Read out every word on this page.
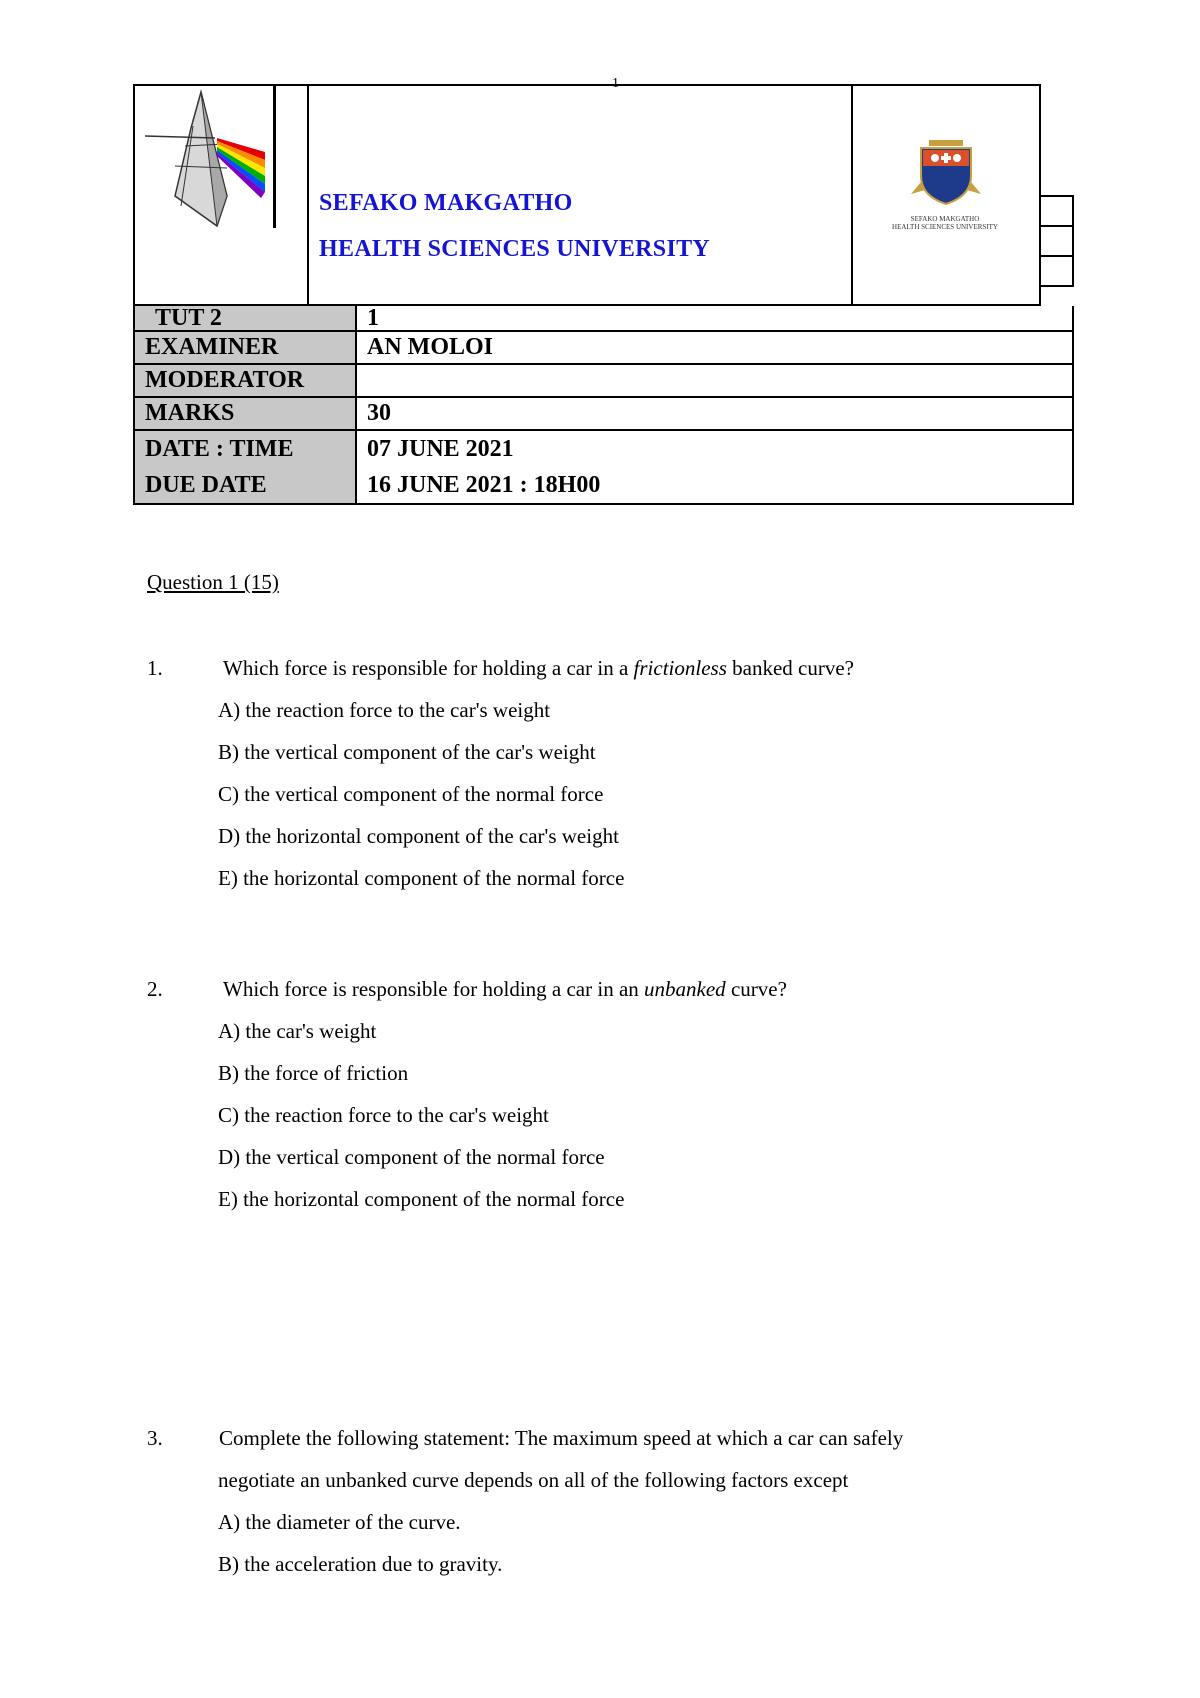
1
SEFAKO MAKGATHO
HEALTH SCIENCES UNIVERSITY
SEFAKO MAKGATHO
HEALTH SCIENCES UNIVERSITY
TUT 2	1
EXAMINER	AN MOLOI
MODERATOR	
MARKS	30
DATE : TIME	07 JUNE 2021
DUE DATE	16 JUNE 2021 : 18H00
Question 1 (15)
1.	Which force is responsible for holding a car in a frictionless banked curve?
A) the reaction force to the car's weight
B) the vertical component of the car's weight
C) the vertical component of the normal force
D) the horizontal component of the car's weight
E) the horizontal component of the normal force
2.	Which force is responsible for holding a car in an unbanked curve?
A) the car's weight
B) the force of friction
C) the reaction force to the car's weight
D) the vertical component of the normal force
E) the horizontal component of the normal force
3.	Complete the following statement: The maximum speed at which a car can safely
negotiate an unbanked curve depends on all of the following factors except
A) the diameter of the curve.
B) the acceleration due to gravity.
